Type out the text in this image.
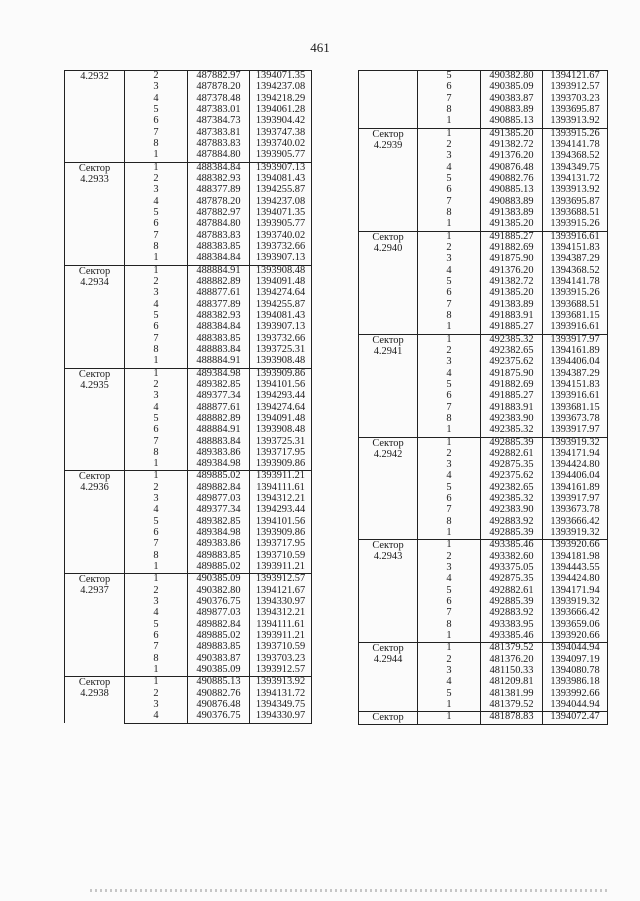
461
4.2932	2	487882.97	1394071.35
	3	487878.20	1394237.08
	4	487378.48	1394218.29
	5	487383.01	1394061.28
	6	487384.73	1393904.42
	7	487383.81	1393747.38
	8	487883.83	1393740.02
	1	487884.80	1393905.77

Сектор
4.2933	1	488384.84	1393907.13
	2	488382.93	1394081.43
	3	488377.89	1394255.87
	4	487878.20	1394237.08
	5	487882.97	1394071.35
	6	487884.80	1393905.77
	7	487883.83	1393740.02
	8	488383.85	1393732.66
	1	488384.84	1393907.13

Сектор
4.2934	1	488884.91	1393908.48
	2	488882.89	1394091.48
	3	488877.61	1394274.64
	4	488377.89	1394255.87
	5	488382.93	1394081.43
	6	488384.84	1393907.13
	7	488383.85	1393732.66
	8	488883.84	1393725.31
	1	488884.91	1393908.48

Сектор
4.2935	1	489384.98	1393909.86
	2	489382.85	1394101.56
	3	489377.34	1394293.44
	4	488877.61	1394274.64
	5	488882.89	1394091.48
	6	488884.91	1393908.48
	7	488883.84	1393725.31
	8	489383.86	1393717.95
	1	489384.98	1393909.86

Сектор
4.2936	1	489885.02	1393911.21
	2	489882.84	1394111.61
	3	489877.03	1394312.21
	4	489377.34	1394293.44
	5	489382.85	1394101.56
	6	489384.98	1393909.86
	7	489383.86	1393717.95
	8	489883.85	1393710.59
	1	489885.02	1393911.21

Сектор
4.2937	1	490385.09	1393912.57
	2	490382.80	1394121.67
	3	490376.75	1394330.97
	4	489877.03	1394312.21
	5	489882.84	1394111.61
	6	489885.02	1393911.21
	7	489883.85	1393710.59
	8	490383.87	1393703.23
	1	490385.09	1393912.57

Сектор
4.2938	1	490885.13	1393913.92
	2	490882.76	1394131.72
	3	490876.48	1394349.75
	4	490376.75	1394330.97
	5	490382.80	1394121.67
	6	490385.09	1393912.57
	7	490383.87	1393703.23
	8	490883.89	1393695.87
	1	490885.13	1393913.92

Сектор
4.2939	1	491385.20	1393915.26
	2	491382.72	1394141.78
	3	491376.20	1394368.52
	4	490876.48	1394349.75
	5	490882.76	1394131.72
	6	490885.13	1393913.92
	7	490883.89	1393695.87
	8	491383.89	1393688.51
	1	491385.20	1393915.26

Сектор
4.2940	1	491885.27	1393916.61
	2	491882.69	1394151.83
	3	491875.90	1394387.29
	4	491376.20	1394368.52
	5	491382.72	1394141.78
	6	491385.20	1393915.26
	7	491383.89	1393688.51
	8	491883.91	1393681.15
	1	491885.27	1393916.61

Сектор
4.2941	1	492385.32	1393917.97
	2	492382.65	1394161.89
	3	492375.62	1394406.04
	4	491875.90	1394387.29
	5	491882.69	1394151.83
	6	491885.27	1393916.61
	7	491883.91	1393681.15
	8	492383.90	1393673.78
	1	492385.32	1393917.97

Сектор
4.2942	1	492885.39	1393919.32
	2	492882.61	1394171.94
	3	492875.35	1394424.80
	4	492375.62	1394406.04
	5	492382.65	1394161.89
	6	492385.32	1393917.97
	7	492383.90	1393673.78
	8	492883.92	1393666.42
	1	492885.39	1393919.32

Сектор
4.2943	1	493385.46	1393920.66
	2	493382.60	1394181.98
	3	493375.05	1394443.55
	4	492875.35	1394424.80
	5	492882.61	1394171.94
	6	492885.39	1393919.32
	7	492883.92	1393666.42
	8	493383.95	1393659.06
	1	493385.46	1393920.66

Сектор
4.2944	1	481379.52	1394044.94
	2	481376.20	1394097.19
	3	481150.33	1394080.78
	4	481209.81	1393986.18
	5	481381.99	1393992.66
	1	481379.52	1394044.94

Сектор	1	481878.83	1394072.47
